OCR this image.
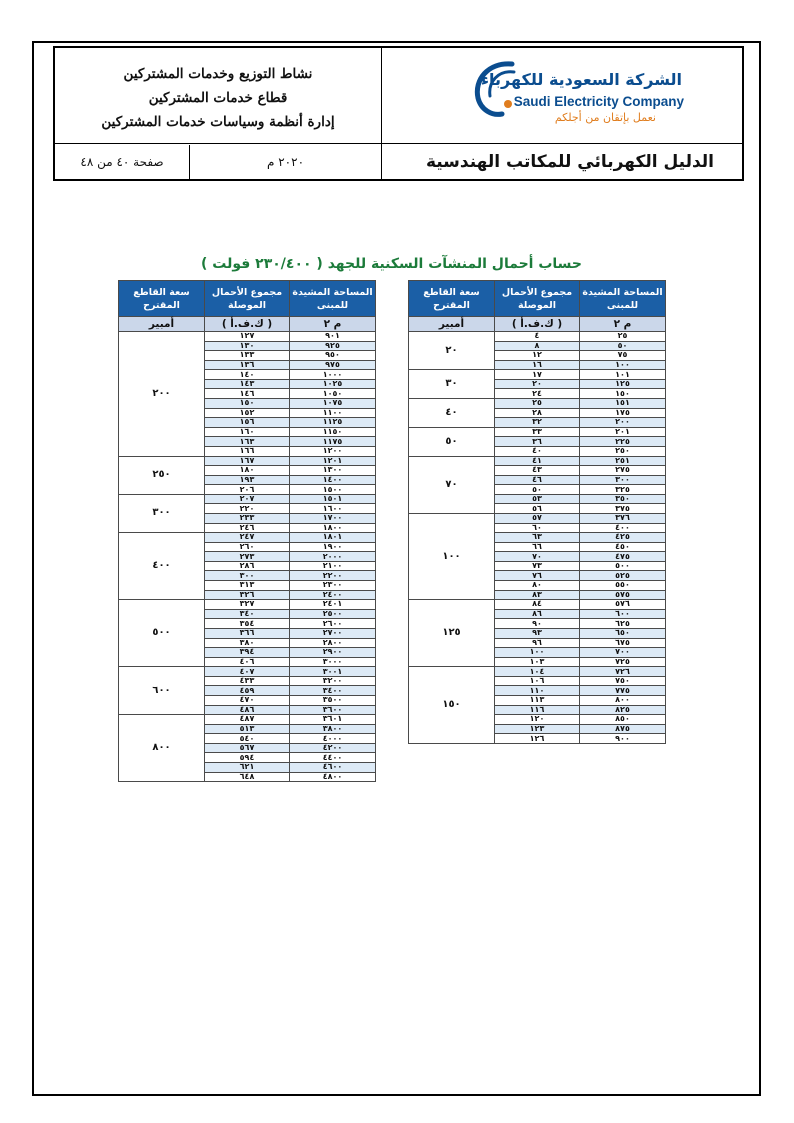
نشاط التوزيع وخدمات المشتركين
قطاع خدمات المشتركين
إدارة أنظمة وسياسات خدمات المشتركين
الشركة السعودية للكهرباء
Saudi Electricity Company
نعمل بإتقان من أجلكم
صفحة ٤٠ من ٤٨	٢٠٢٠ م	الدليل الكهربائي للمكاتب الهندسية
حساب أحمال المنشآت السكنية للجهد ( ٢٣٠/٤٠٠ فولت )
سعة القاطع المقترح	مجموع الأحمال الموصلة	المساحة المشيدة للمبنى
أمبير	( ك.ف.أ )	م ٢
٢٠٠	١٢٧	٩٠١
	١٣٠	٩٢٥
	١٣٣	٩٥٠
	١٣٦	٩٧٥
	١٤٠	١٠٠٠
	١٤٣	١٠٢٥
	١٤٦	١٠٥٠
	١٥٠	١٠٧٥
	١٥٢	١١٠٠
	١٥٦	١١٢٥
	١٦٠	١١٥٠
	١٦٣	١١٧٥
	١٦٦	١٢٠٠
٢٥٠	١٦٧	١٢٠١
	١٨٠	١٣٠٠
	١٩٣	١٤٠٠
	٢٠٦	١٥٠٠
٣٠٠	٢٠٧	١٥٠١
	٢٢٠	١٦٠٠
	٢٣٣	١٧٠٠
	٢٤٦	١٨٠٠
٤٠٠	٢٤٧	١٨٠١
	٢٦٠	١٩٠٠
	٢٧٣	٢٠٠٠
	٢٨٦	٢١٠٠
	٣٠٠	٢٢٠٠
	٣١٣	٢٣٠٠
	٣٢٦	٢٤٠٠
٥٠٠	٣٢٧	٢٤٠١
	٣٤٠	٢٥٠٠
	٣٥٤	٢٦٠٠
	٣٦٦	٢٧٠٠
	٣٨٠	٢٨٠٠
	٣٩٤	٢٩٠٠
	٤٠٦	٣٠٠٠
٦٠٠	٤٠٧	٣٠٠١
	٤٣٣	٣٢٠٠
	٤٥٩	٣٤٠٠
	٤٧٠	٣٥٠٠
	٤٨٦	٣٦٠٠
٨٠٠	٤٨٧	٣٦٠١
	٥١٣	٣٨٠٠
	٥٤٠	٤٠٠٠
	٥٦٧	٤٢٠٠
	٥٩٤	٤٤٠٠
	٦٢١	٤٦٠٠
	٦٤٨	٤٨٠٠
سعة القاطع المقترح	مجموع الأحمال الموصلة	المساحة المشيدة للمبنى
أمبير	( ك.ف.أ )	م ٢
٢٠	٤	٢٥
	٨	٥٠
	١٢	٧٥
	١٦	١٠٠
٣٠	١٧	١٠١
	٢٠	١٢٥
	٢٤	١٥٠
٤٠	٢٥	١٥١
	٢٨	١٧٥
	٣٢	٢٠٠
٥٠	٣٣	٢٠١
	٣٦	٢٢٥
	٤٠	٢٥٠
٧٠	٤١	٢٥١
	٤٣	٢٧٥
	٤٦	٣٠٠
	٥٠	٣٢٥
	٥٣	٣٥٠
	٥٦	٣٧٥
١٠٠	٥٧	٣٧٦
	٦٠	٤٠٠
	٦٣	٤٢٥
	٦٦	٤٥٠
	٧٠	٤٧٥
	٧٣	٥٠٠
	٧٦	٥٢٥
	٨٠	٥٥٠
	٨٣	٥٧٥
١٢٥	٨٤	٥٧٦
	٨٦	٦٠٠
	٩٠	٦٢٥
	٩٣	٦٥٠
	٩٦	٦٧٥
	١٠٠	٧٠٠
	١٠٣	٧٢٥
١٥٠	١٠٤	٧٢٦
	١٠٦	٧٥٠
	١١٠	٧٧٥
	١١٣	٨٠٠
	١١٦	٨٢٥
	١٢٠	٨٥٠
	١٢٣	٨٧٥
	١٢٦	٩٠٠
